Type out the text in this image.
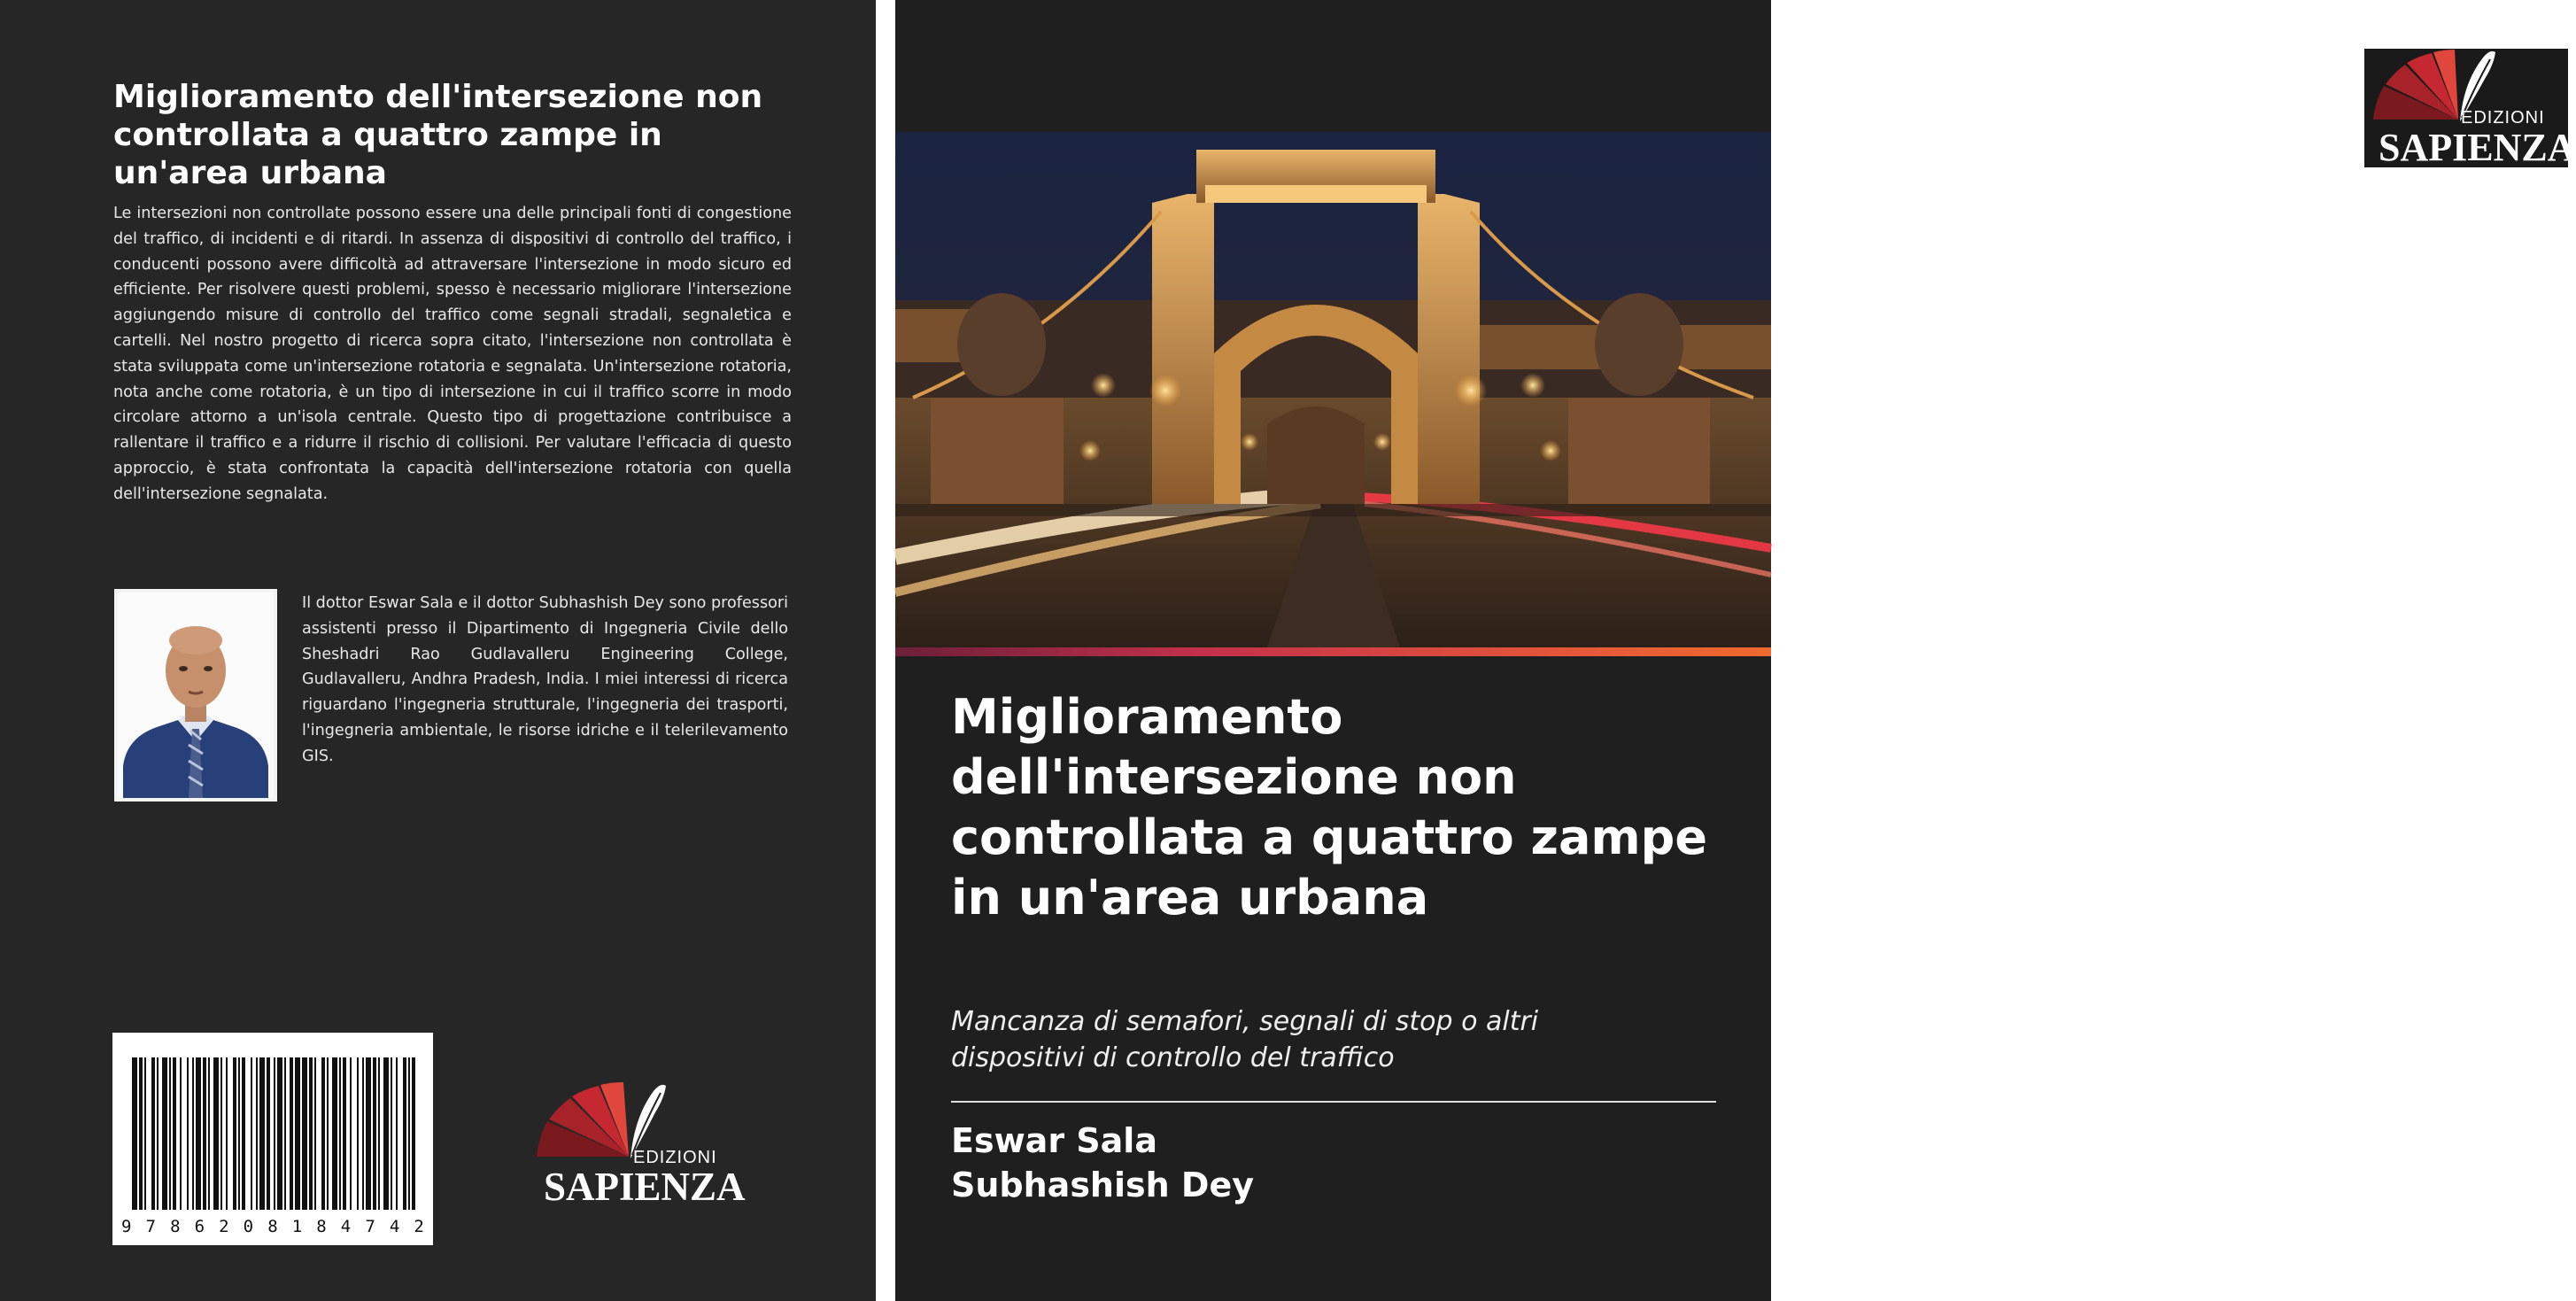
Miglioramento dell'intersezione non controllata a quattro zampe in un'area urbana

Le intersezioni non controllate possono essere una delle principali fonti di congestione del traffico, di incidenti e di ritardi. In assenza di dispositivi di controllo del traffico, i conducenti possono avere difficoltà ad attraversare l'intersezione in modo sicuro ed efficiente. Per risolvere questi problemi, spesso è necessario migliorare l'intersezione aggiungendo misure di controllo del traffico come segnali stradali, segnaletica e cartelli. Nel nostro progetto di ricerca sopra citato, l'intersezione non controllata è stata sviluppata come un'intersezione rotatoria e segnalata. Un'intersezione rotatoria, nota anche come rotatoria, è un tipo di intersezione in cui il traffico scorre in modo circolare attorno a un'isola centrale. Questo tipo di progettazione contribuisce a rallentare il traffico e a ridurre il rischio di collisioni. Per valutare l'efficacia di questo approccio, è stata confrontata la capacità dell'intersezione rotatoria con quella dell'intersezione segnalata.

Il dottor Eswar Sala e il dottor Subhashish Dey sono professori assistenti presso il Dipartimento di Ingegneria Civile dello Sheshadri Rao Gudlavalleru Engineering College, Gudlavalleru, Andhra Pradesh, India. I miei interessi di ricerca riguardano l'ingegneria strutturale, l'ingegneria dei trasporti, l'ingegneria ambientale, le risorse idriche e il telerilevamento GIS.

9 7 8 6 2 0 8 1 8 4 7 4 2
EDIZIONI
SAPIENZA
EDIZIONI
SAPIENZA
Miglioramento dell'intersezione non controllata a quattro zampe in un'area urbana

Mancanza di semafori, segnali di stop o altri dispositivi di controllo del traffico

Eswar Sala
Subhashish Dey
